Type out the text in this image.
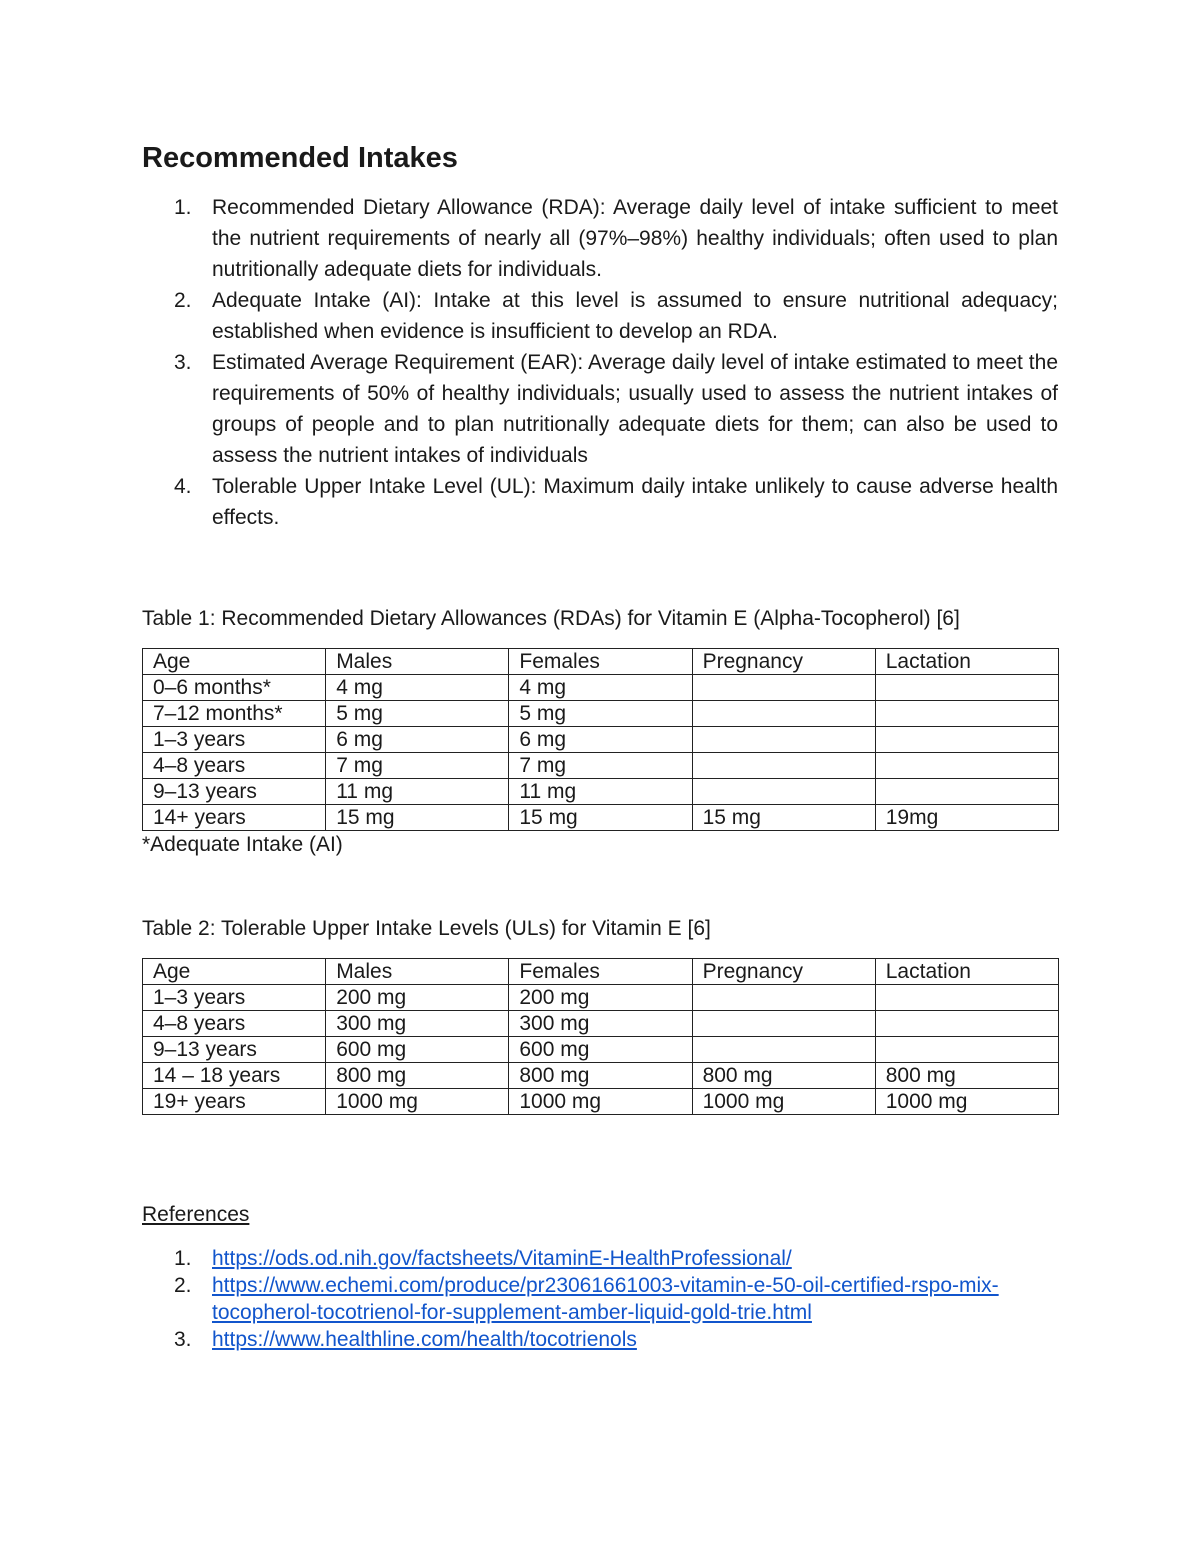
Recommended Intakes
1. Recommended Dietary Allowance (RDA): Average daily level of intake sufficient to meet the nutrient requirements of nearly all (97%–98%) healthy individuals; often used to plan nutritionally adequate diets for individuals.
2. Adequate Intake (AI): Intake at this level is assumed to ensure nutritional adequacy; established when evidence is insufficient to develop an RDA.
3. Estimated Average Requirement (EAR): Average daily level of intake estimated to meet the requirements of 50% of healthy individuals; usually used to assess the nutrient intakes of groups of people and to plan nutritionally adequate diets for them; can also be used to assess the nutrient intakes of individuals
4. Tolerable Upper Intake Level (UL): Maximum daily intake unlikely to cause adverse health effects.

Table 1: Recommended Dietary Allowances (RDAs) for Vitamin E (Alpha-Tocopherol) [6]

Age	Males	Females	Pregnancy	Lactation
0–6 months*	4 mg	4 mg		
7–12 months*	5 mg	5 mg		
1–3 years	6 mg	6 mg		
4–8 years	7 mg	7 mg		
9–13 years	11 mg	11 mg		
14+ years	15 mg	15 mg	15 mg	19mg

*Adequate Intake (AI)

Table 2: Tolerable Upper Intake Levels (ULs) for Vitamin E [6]

Age	Males	Females	Pregnancy	Lactation
1–3 years	200 mg	200 mg		
4–8 years	300 mg	300 mg		
9–13 years	600 mg	600 mg		
14 – 18 years	800 mg	800 mg	800 mg	800 mg
19+ years	1000 mg	1000 mg	1000 mg	1000 mg

References

1. https://ods.od.nih.gov/factsheets/VitaminE-HealthProfessional/
2. https://www.echemi.com/produce/pr23061661003-vitamin-e-50-oil-certified-rspo-mix-tocopherol-tocotrienol-for-supplement-amber-liquid-gold-trie.html
3. https://www.healthline.com/health/tocotrienols
